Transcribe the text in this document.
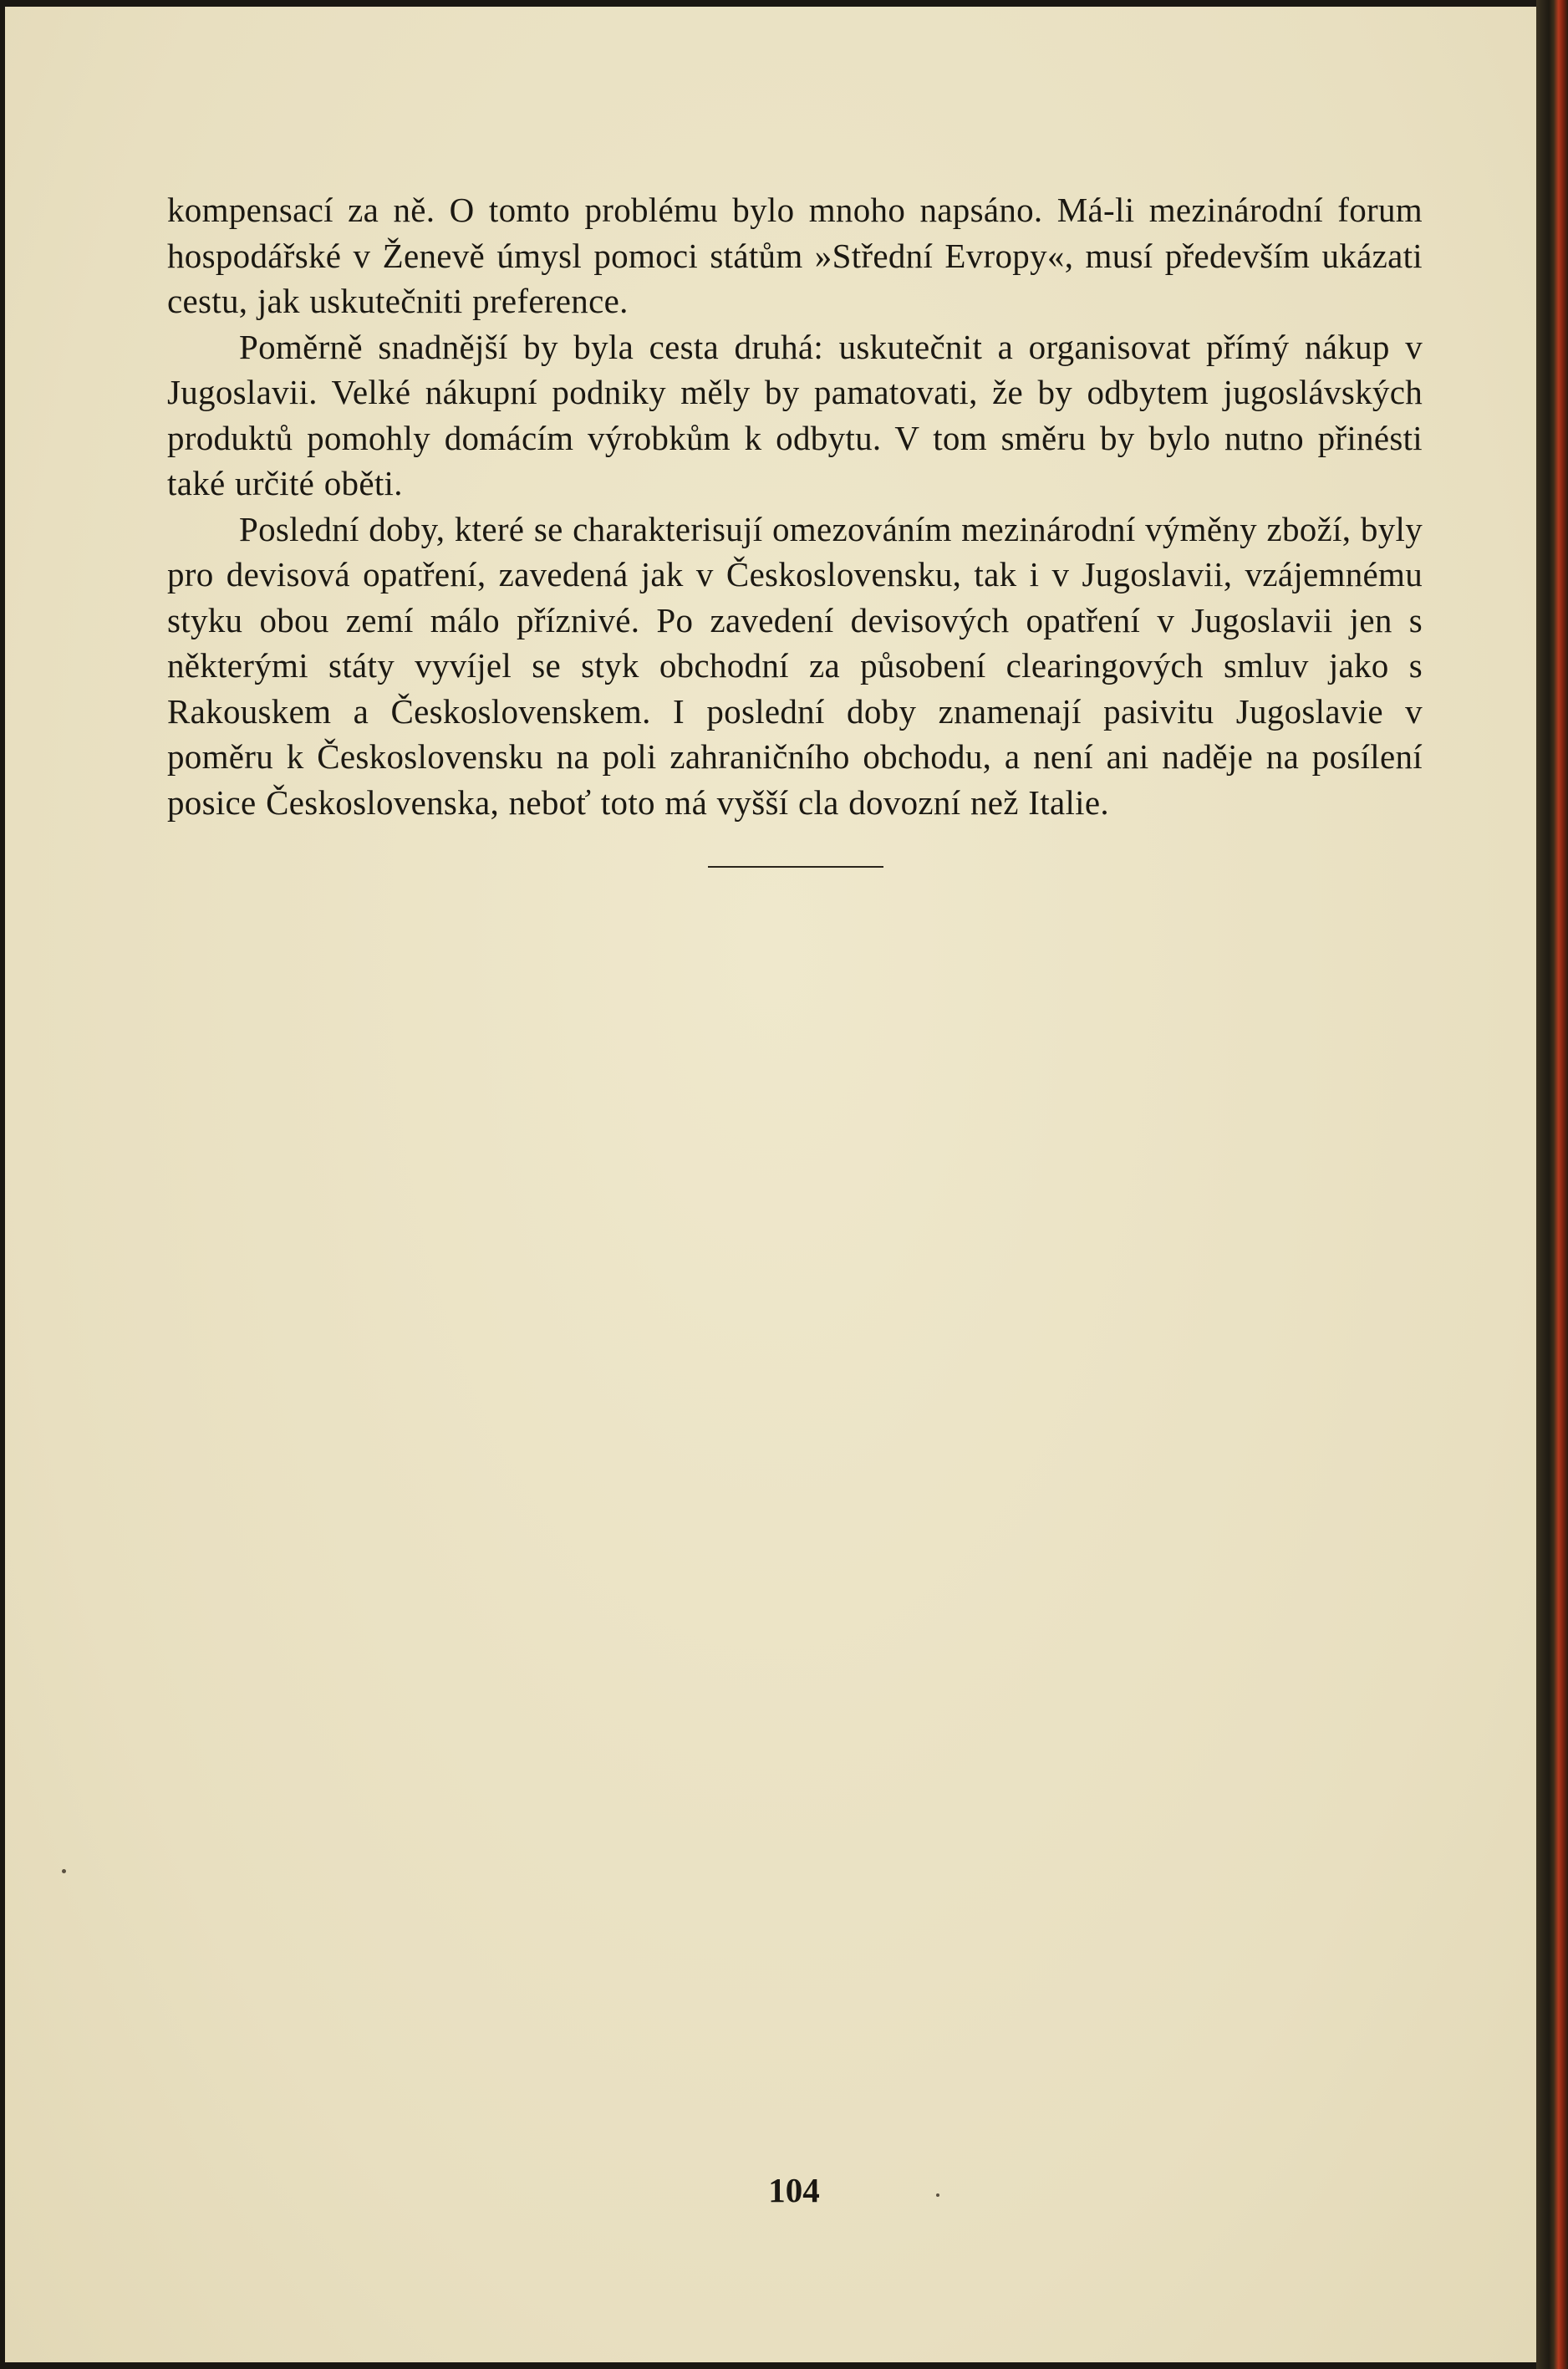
kompensací za ně. O tomto problému bylo mnoho napsáno. Má-li mezinárodní forum hospodářské v Ženevě úmysl pomoci státům »Střední Evropy«, musí především ukázati cestu, jak uskutečniti preference.

Poměrně snadnější by byla cesta druhá: uskutečnit a organisovat přímý nákup v Jugoslavii. Velké nákupní podniky měly by pamatovati, že by odbytem jugoslávských produktů pomohly domácím výrobkům k odbytu. V tom směru by bylo nutno přinésti také určité oběti.

Poslední doby, které se charakterisují omezováním mezinárodní výměny zboží, byly pro devisová opatření, zavedená jak v Československu, tak i v Jugoslavii, vzájemnému styku obou zemí málo příznivé. Po zavedení devisových opatření v Jugoslavii jen s některými státy vyvíjel se styk obchodní za působení clearingových smluv jako s Rakouskem a Československem. I poslední doby znamenají pasivitu Jugoslavie v poměru k Československu na poli zahraničního obchodu, a není ani naděje na posílení posice Československa, neboť toto má vyšší cla dovozní než Italie.

104
